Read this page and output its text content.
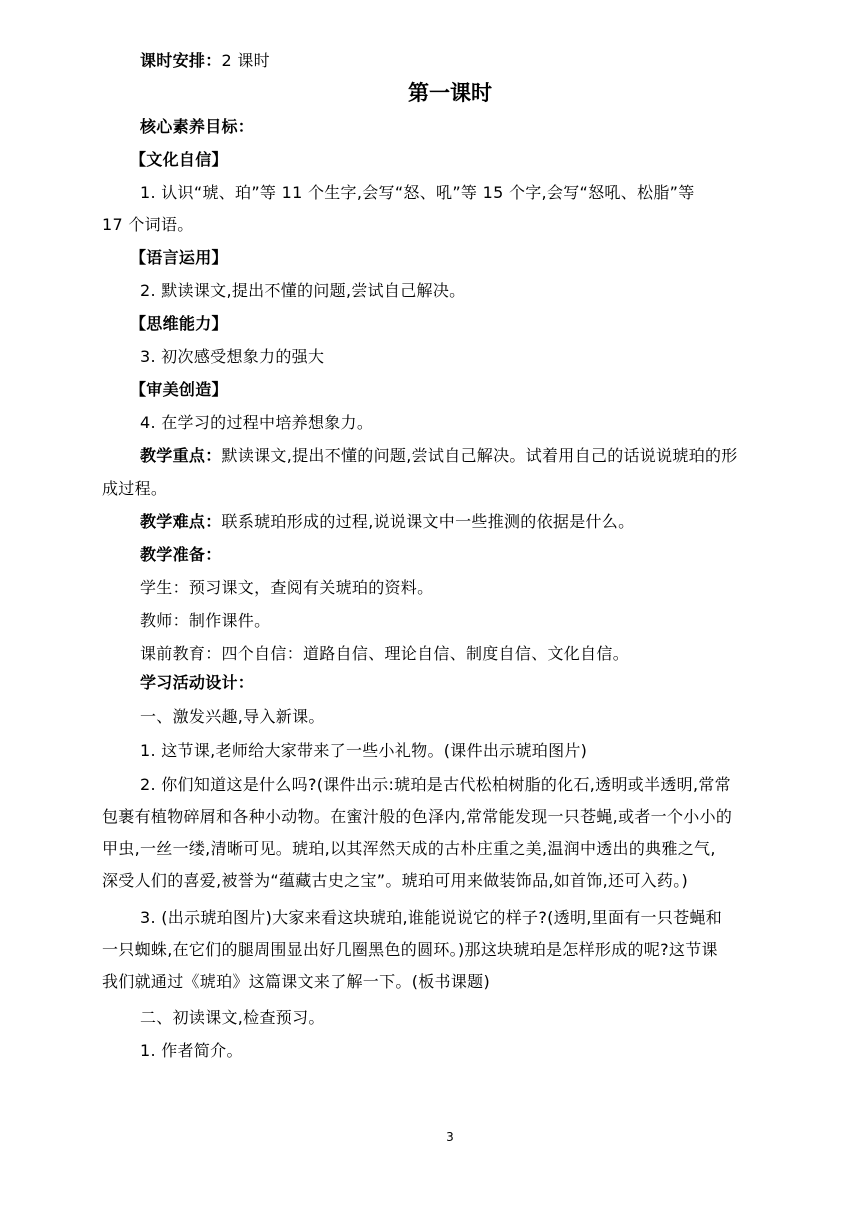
课时安排：2 课时
第一课时
核心素养目标：
【文化自信】
1. 认识“琥、珀”等 11 个生字,会写“怒、吼”等 15 个字,会写“怒吼、松脂”等
17 个词语。
【语言运用】
2. 默读课文,提出不懂的问题,尝试自己解决。
【思维能力】
3. 初次感受想象力的强大
【审美创造】
4. 在学习的过程中培养想象力。
教学重点：默读课文,提出不懂的问题,尝试自己解决。试着用自己的话说说琥珀的形
成过程。
教学难点：联系琥珀形成的过程,说说课文中一些推测的依据是什么。
教学准备：
学生：预习课文，查阅有关琥珀的资料。
教师：制作课件。
课前教育：四个自信：道路自信、理论自信、制度自信、文化自信。
学习活动设计：
一、激发兴趣,导入新课。
1. 这节课,老师给大家带来了一些小礼物。(课件出示琥珀图片)
2. 你们知道这是什么吗?(课件出示:琥珀是古代松柏树脂的化石,透明或半透明,常常
包裹有植物碎屑和各种小动物。在蜜汁般的色泽内,常常能发现一只苍蝇,或者一个小小的
甲虫,一丝一缕,清晰可见。琥珀,以其浑然天成的古朴庄重之美,温润中透出的典雅之气,
深受人们的喜爱,被誉为“蕴藏古史之宝”。琥珀可用来做装饰品,如首饰,还可入药。)
3. (出示琥珀图片)大家来看这块琥珀,谁能说说它的样子?(透明,里面有一只苍蝇和
一只蜘蛛,在它们的腿周围显出好几圈黑色的圆环。)那这块琥珀是怎样形成的呢?这节课
我们就通过《琥珀》这篇课文来了解一下。(板书课题)
二、初读课文,检查预习。
1. 作者简介。
3
